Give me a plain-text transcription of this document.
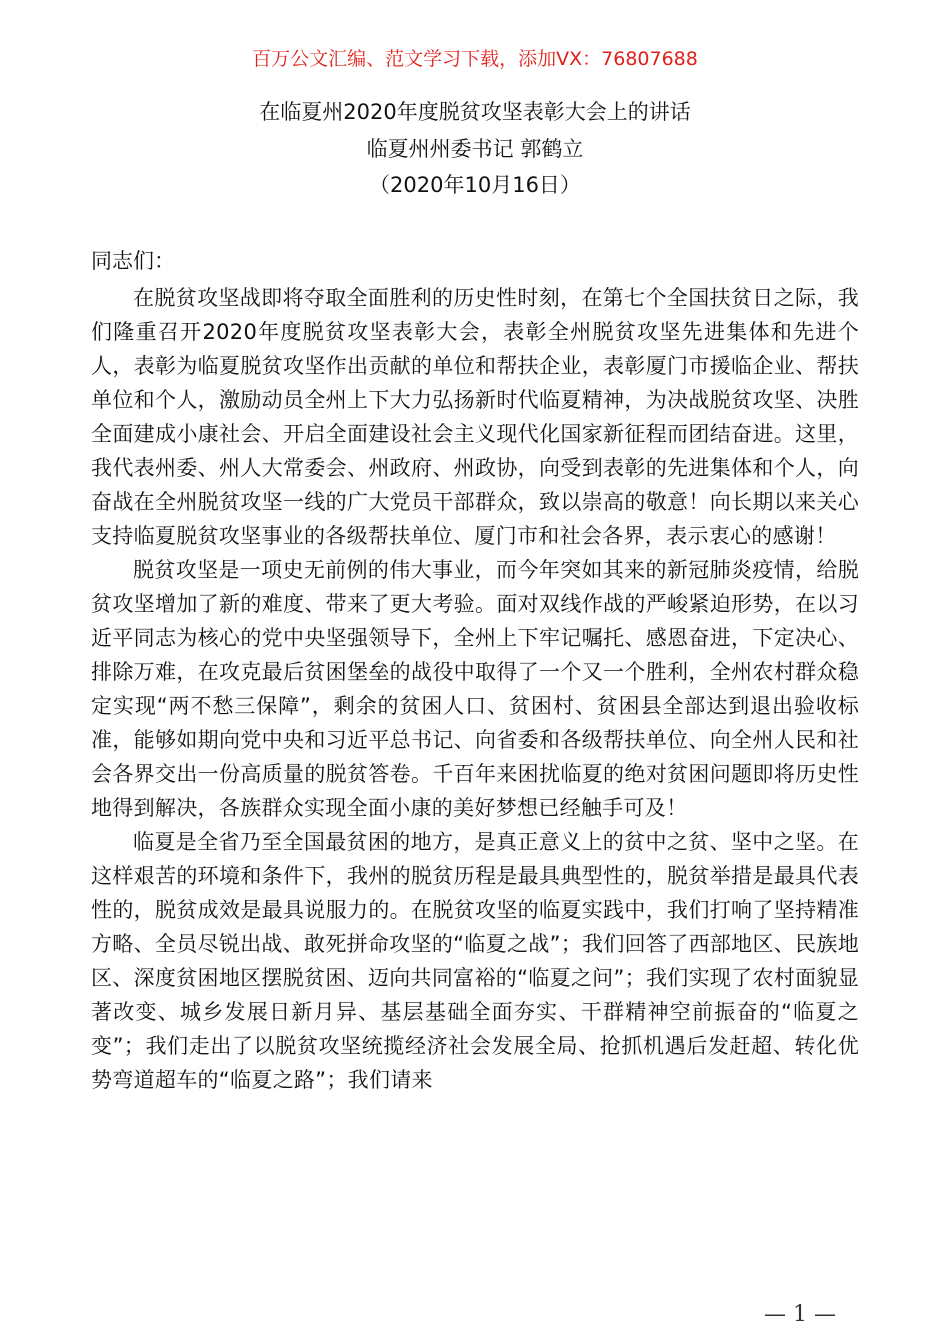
百万公文汇编、范文学习下载，添加VX：76807688
在临夏州2020年度脱贫攻坚表彰大会上的讲话
临夏州州委书记 郭鹤立
（2020年10月16日）
同志们：

在脱贫攻坚战即将夺取全面胜利的历史性时刻，在第七个全国扶贫日之际，我们隆重召开2020年度脱贫攻坚表彰大会，表彰全州脱贫攻坚先进集体和先进个人，表彰为临夏脱贫攻坚作出贡献的单位和帮扶企业，表彰厦门市援临企业、帮扶单位和个人，激励动员全州上下大力弘扬新时代临夏精神，为决战脱贫攻坚、决胜全面建成小康社会、开启全面建设社会主义现代化国家新征程而团结奋进。这里，我代表州委、州人大常委会、州政府、州政协，向受到表彰的先进集体和个人，向奋战在全州脱贫攻坚一线的广大党员干部群众，致以崇高的敬意！向长期以来关心支持临夏脱贫攻坚事业的各级帮扶单位、厦门市和社会各界，表示衷心的感谢！

脱贫攻坚是一项史无前例的伟大事业，而今年突如其来的新冠肺炎疫情，给脱贫攻坚增加了新的难度、带来了更大考验。面对双线作战的严峻紧迫形势，在以习近平同志为核心的党中央坚强领导下，全州上下牢记嘱托、感恩奋进，下定决心、排除万难，在攻克最后贫困堡垒的战役中取得了一个又一个胜利，全州农村群众稳定实现“两不愁三保障”，剩余的贫困人口、贫困村、贫困县全部达到退出验收标准，能够如期向党中央和习近平总书记、向省委和各级帮扶单位、向全州人民和社会各界交出一份高质量的脱贫答卷。千百年来困扰临夏的绝对贫困问题即将历史性地得到解决，各族群众实现全面小康的美好梦想已经触手可及！

临夏是全省乃至全国最贫困的地方，是真正意义上的贫中之贫、坚中之坚。在这样艰苦的环境和条件下，我州的脱贫历程是最具典型性的，脱贫举措是最具代表性的，脱贫成效是最具说服力的。在脱贫攻坚的临夏实践中，我们打响了坚持精准方略、全员尽锐出战、敢死拼命攻坚的“临夏之战”；我们回答了西部地区、民族地区、深度贫困地区摆脱贫困、迈向共同富裕的“临夏之问”；我们实现了农村面貌显著改变、城乡发展日新月异、基层基础全面夯实、干群精神空前振奋的“临夏之变”；我们走出了以脱贫攻坚统揽经济社会发展全局、抢抓机遇后发赶超、转化优势弯道超车的“临夏之路”；我们请来

— 1 —
